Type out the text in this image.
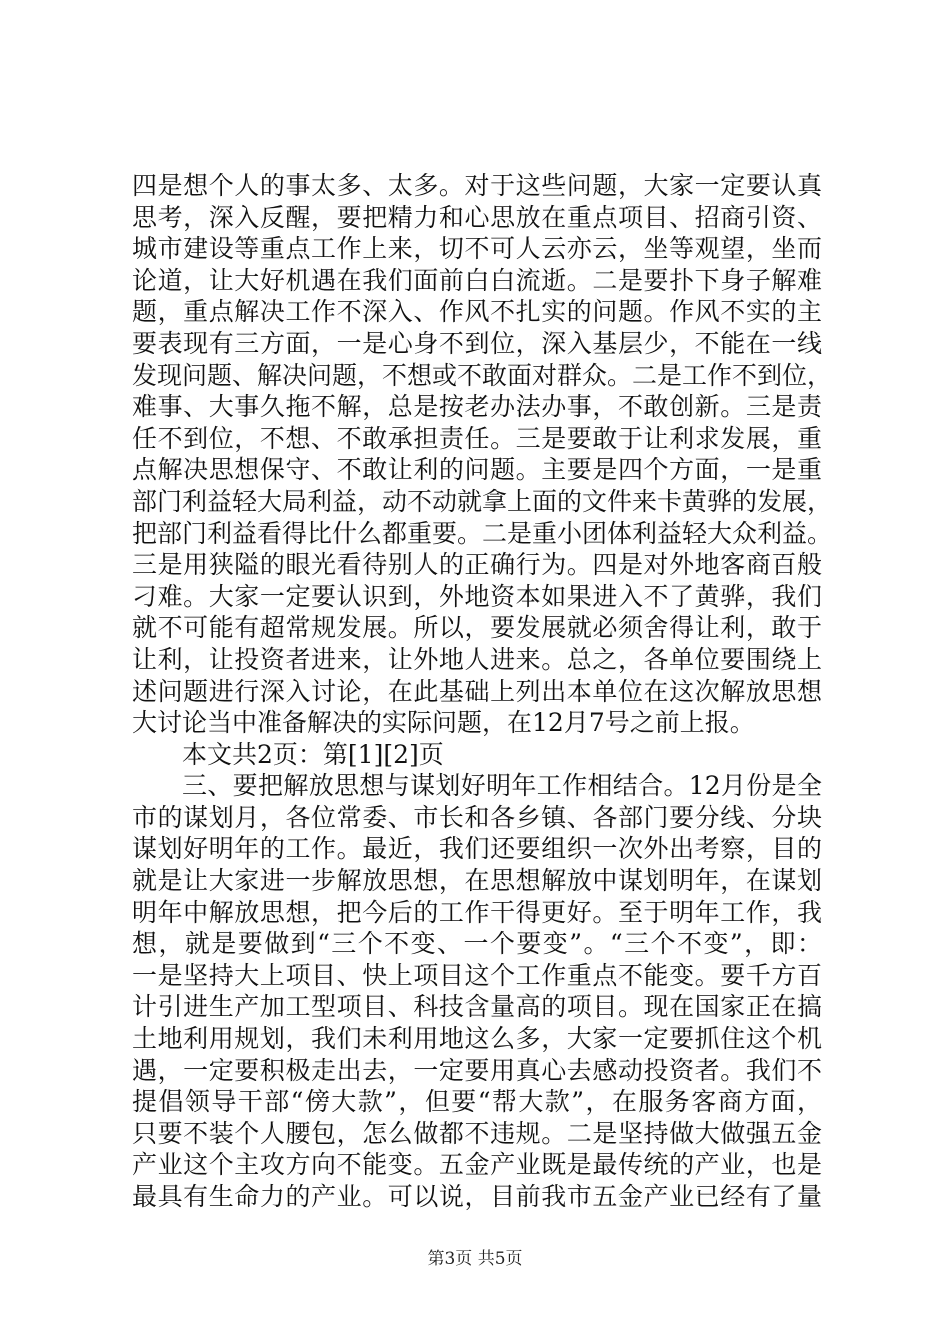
四是想个人的事太多、太多。对于这些问题，大家一定要认真
思考，深入反醒，要把精力和心思放在重点项目、招商引资、
城市建设等重点工作上来，切不可人云亦云，坐等观望，坐而
论道，让大好机遇在我们面前白白流逝。二是要扑下身子解难
题，重点解决工作不深入、作风不扎实的问题。作风不实的主
要表现有三方面，一是心身不到位，深入基层少，不能在一线
发现问题、解决问题，不想或不敢面对群众。二是工作不到位，
难事、大事久拖不解，总是按老办法办事，不敢创新。三是责
任不到位，不想、不敢承担责任。三是要敢于让利求发展，重
点解决思想保守、不敢让利的问题。主要是四个方面，一是重
部门利益轻大局利益，动不动就拿上面的文件来卡黄骅的发展，
把部门利益看得比什么都重要。二是重小团体利益轻大众利益。
三是用狭隘的眼光看待别人的正确行为。四是对外地客商百般
刁难。大家一定要认识到，外地资本如果进入不了黄骅，我们
就不可能有超常规发展。所以，要发展就必须舍得让利，敢于
让利，让投资者进来，让外地人进来。总之，各单位要围绕上
述问题进行深入讨论，在此基础上列出本单位在这次解放思想
大讨论当中准备解决的实际问题，在12月7号之前上报。
本文共2页：第[1][2]页
三、要把解放思想与谋划好明年工作相结合。12月份是全
市的谋划月，各位常委、市长和各乡镇、各部门要分线、分块
谋划好明年的工作。最近，我们还要组织一次外出考察，目的
就是让大家进一步解放思想，在思想解放中谋划明年，在谋划
明年中解放思想，把今后的工作干得更好。至于明年工作，我
想，就是要做到“三个不变、一个要变”。“三个不变”，即：
一是坚持大上项目、快上项目这个工作重点不能变。要千方百
计引进生产加工型项目、科技含量高的项目。现在国家正在搞
土地利用规划，我们未利用地这么多，大家一定要抓住这个机
遇，一定要积极走出去，一定要用真心去感动投资者。我们不
提倡领导干部“傍大款”，但要“帮大款”，在服务客商方面，
只要不装个人腰包，怎么做都不违规。二是坚持做大做强五金
产业这个主攻方向不能变。五金产业既是最传统的产业，也是
最具有生命力的产业。可以说，目前我市五金产业已经有了量
第3页 共5页
